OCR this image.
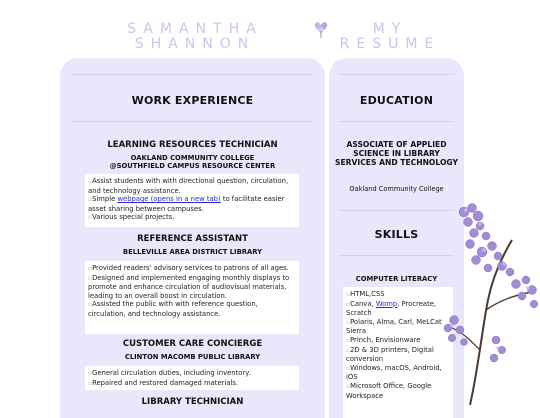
SAMANTHA
SHANNON
MY
RESUME
WORK EXPERIENCE
LEARNING RESOURCES TECHNICIAN
OAKLAND COMMUNITY COLLEGE
@SOUTHFIELD CAMPUS RESOURCE CENTER
▫ Assist students with with directional question, circulation, and technology assistance.
▫ Simple webpage (opens in a new tab) to facilitate easier asset sharing between campuses.
▫ Various special projects.
REFERENCE ASSISTANT
BELLEVILLE AREA DISTRICT LIBRARY
▫ Provided readers' advisory services to patrons of all ages.
▫ Designed and implemented engaging monthly displays to promote and enhance circulation of audiovisual materials, leading to an overall boost in circulation.
▫ Assisted the public with with reference question, circulation, and technology assistance.
CUSTOMER CARE CONCIERGE
CLINTON MACOMB PUBLIC LIBRARY
▫ General circulation duties, including inventory.
▫ Repaired and restored damaged materials.
LIBRARY TECHNICIAN
EDUCATION
ASSOCIATE OF APPLIED SCIENCE IN LIBRARY SERVICES AND TECHNOLOGY
Oakland Community College
SKILLS
COMPUTER LITERACY
▫ HTML,CSS
▫ Canva, Womp, Procreate, Scratch
▫ Polaris, Alma, Carl, MeLCat Sierra
▫ Princh, Envisionware
▫ 2D & 3D printers, Digital conversion
▫ Windows, macOS, Android, iOS
▫ Microsoft Office, Google Workspace
